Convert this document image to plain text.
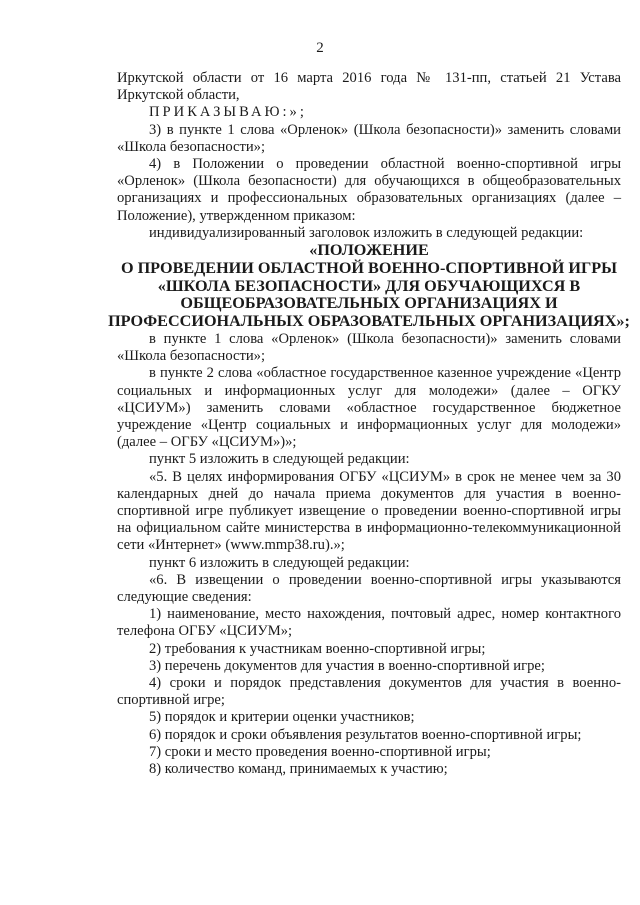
2

Иркутской области от 16 марта 2016 года № 131-пп, статьей 21 Устава Иркутской области,

ПРИКАЗЫВАЮ:»;

3) в пункте 1 слова «Орленок» (Школа безопасности)» заменить словами «Школа безопасности»;

4) в Положении о проведении областной военно-спортивной игры «Орленок» (Школа безопасности) для обучающихся в общеобразовательных организациях и профессиональных образовательных организациях (далее – Положение), утвержденном приказом:

индивидуализированный заголовок изложить в следующей редакции:

«ПОЛОЖЕНИЕ

О ПРОВЕДЕНИИ ОБЛАСТНОЙ ВОЕННО-СПОРТИВНОЙ ИГРЫ

«ШКОЛА БЕЗОПАСНОСТИ» ДЛЯ ОБУЧАЮЩИХСЯ В

ОБЩЕОБРАЗОВАТЕЛЬНЫХ ОРГАНИЗАЦИЯХ И

ПРОФЕССИОНАЛЬНЫХ ОБРАЗОВАТЕЛЬНЫХ ОРГАНИЗАЦИЯХ»;

в пункте 1 слова «Орленок» (Школа безопасности)» заменить словами «Школа безопасности»;

в пункте 2 слова «областное государственное казенное учреждение «Центр социальных и информационных услуг для молодежи» (далее – ОГКУ «ЦСИУМ») заменить словами «областное государственное бюджетное учреждение «Центр социальных и информационных услуг для молодежи» (далее – ОГБУ «ЦСИУМ»)»;

пункт 5 изложить в следующей редакции:

«5. В целях информирования ОГБУ «ЦСИУМ» в срок не менее чем за 30 календарных дней до начала приема документов для участия в военно-спортивной игре публикует извещение о проведении военно-спортивной игры на официальном сайте министерства в информационно-телекоммуникационной сети «Интернет» (www.mmp38.ru).»;

пункт 6 изложить в следующей редакции:

«6. В извещении о проведении военно-спортивной игры указываются следующие сведения:

1) наименование, место нахождения, почтовый адрес, номер контактного телефона ОГБУ «ЦСИУМ»;

2) требования к участникам военно-спортивной игры;

3) перечень документов для участия в военно-спортивной игре;

4) сроки и порядок представления документов для участия в военно-спортивной игре;

5) порядок и критерии оценки участников;

6) порядок и сроки объявления результатов военно-спортивной игры;

7) сроки и место проведения военно-спортивной игры;

8) количество команд, принимаемых к участию;
